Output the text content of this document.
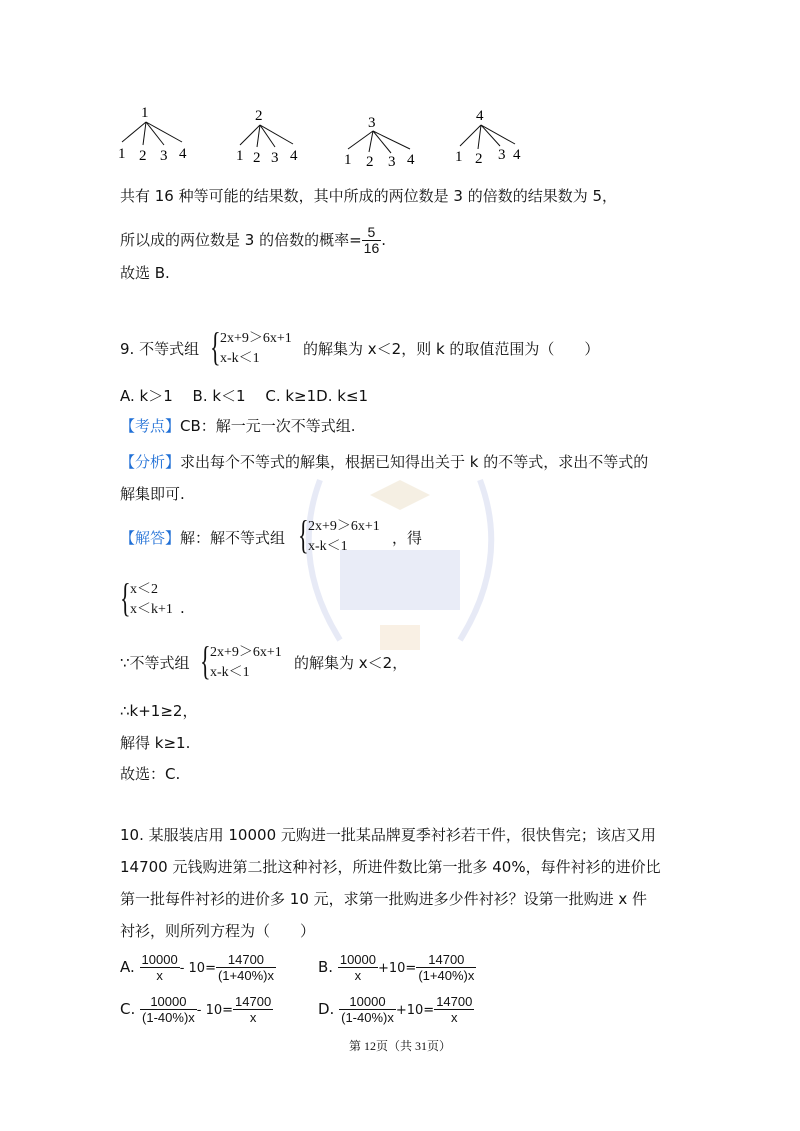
1
1 2 3 4
2
1 2 3 4
3
1 2 3 4
4
1 2 3 4
共有 16 种等可能的结果数，其中所成的两位数是 3 的倍数的结果数为 5，
所以成的两位数是 3 的倍数的概率= $\frac{5}{16}$ .
故选 B.
9. 不等式组 { 2x+9＞6x+1
x-k＜1
的解集为 x＜2，则 k 的取值范围为（　　）
A. k＞1　 B. k＜1　 C. k≥1D. k≤1
【考点】CB：解一元一次不等式组.
【分析】求出每个不等式的解集，根据已知得出关于 k 的不等式，求出不等式的
解集即可.
【解答】解：解不等式组 { 2x+9＞6x+1
x-k＜1	，得
{ x＜2
x＜k+1 .
∵不等式组 { 2x+9＞6x+1
x-k＜1
的解集为 x＜2，
∴k+1≥2，
解得 k≥1.
故选：C.
10. 某服装店用 10000 元购进一批某品牌夏季衬衫若干件，很快售完；该店又用
14700 元钱购进第二批这种衬衫，所进件数比第一批多 40%，每件衬衫的进价比
第一批每件衬衫的进价多 10 元，求第一批购进多少件衬衫？设第一批购进 x 件
衬衫，则所列方程为（　　）
A. $\frac{10000}{x} - 10= \frac{14700}{(1+40\%)x}$	B. $\frac{10000}{x} +10= \frac{14700}{(1+40\%)x}$
C. $\frac{10000}{(1-40\%)x} - 10= \frac{14700}{x}$	D. $\frac{10000}{(1-40\%)x} +10= \frac{14700}{x}$
第 12页（共 31页）
